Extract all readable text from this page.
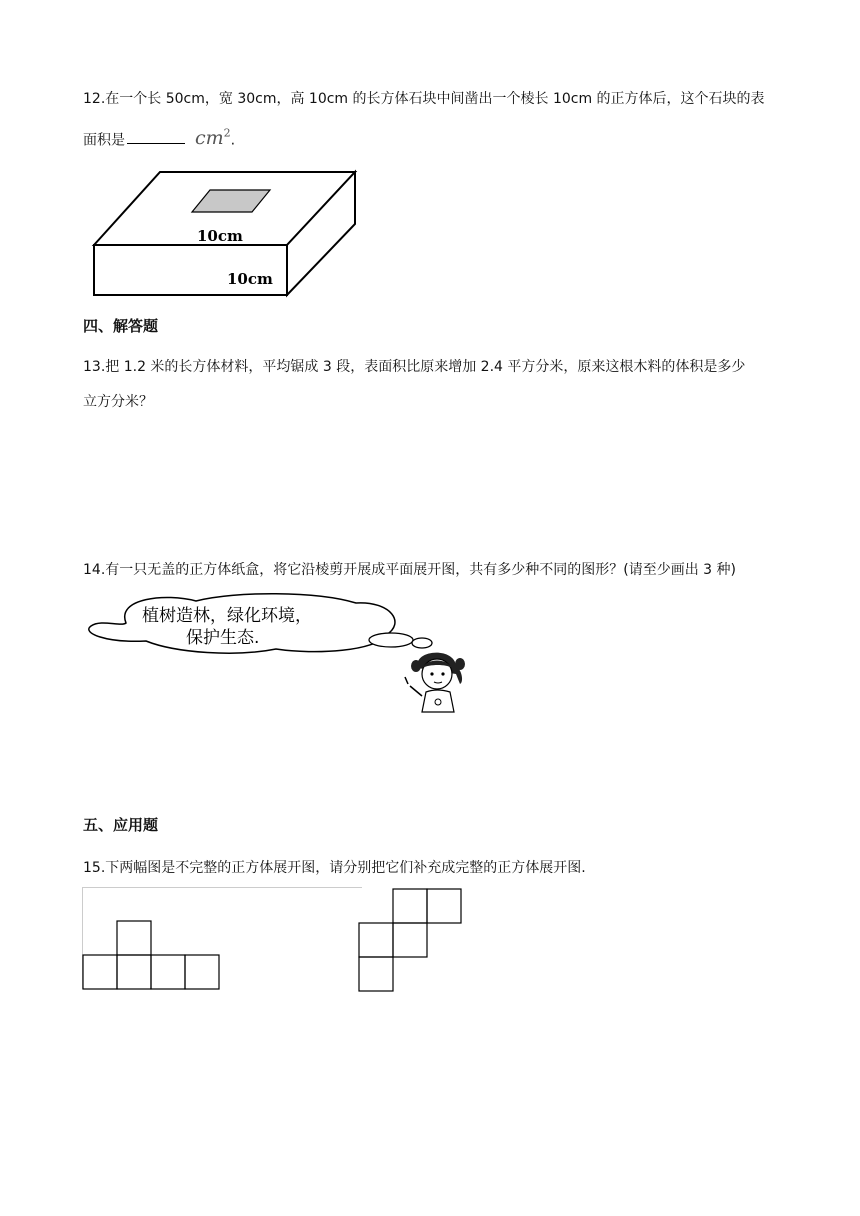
12.在一个长 50cm，宽 30cm，高 10cm 的长方体石块中间凿出一个棱长 10cm 的正方体后，这个石块的表
面积是	$cm^2$.
10cm
10cm
四、解答题
13.把 1.2 米的长方体材料，平均锯成 3 段，表面积比原来增加 2.4 平方分米，原来这根木料的体积是多少
立方分米？
14.有一只无盖的正方体纸盒，将它沿棱剪开展成平面展开图，共有多少种不同的图形？(请至少画出 3 种)
植树造林，绿化环境，
保护生态.
五、应用题
15.下两幅图是不完整的正方体展开图，请分别把它们补充成完整的正方体展开图.
